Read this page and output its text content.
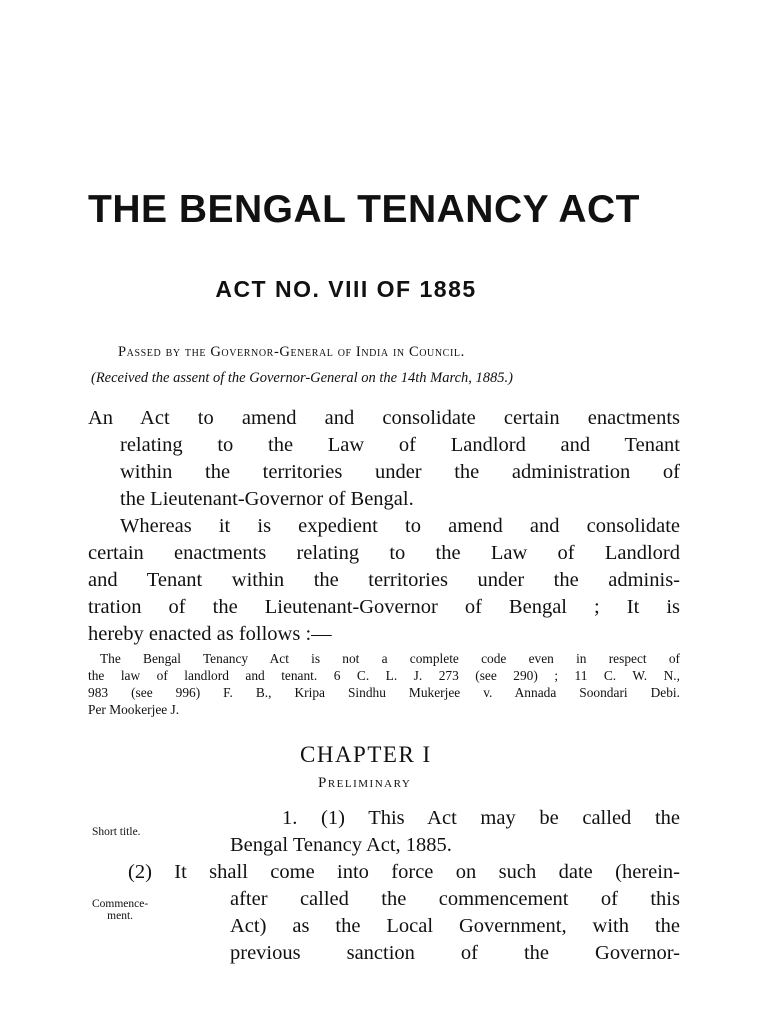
THE BENGAL TENANCY ACT
ACT NO. VIII OF 1885
Passed by the Governor-General of India in Council.
(Received the assent of the Governor-General on the 14th March, 1885.)
An Act to amend and consolidate certain enactments
relating to the Law of Landlord and Tenant
within the territories under the administration of
the Lieutenant-Governor of Bengal.
Whereas it is expedient to amend and consolidate
certain enactments relating to the Law of Landlord
and Tenant within the territories under the adminis-
tration of the Lieutenant-Governor of Bengal ; It is
hereby enacted as follows :—
The Bengal Tenancy Act is not a complete code even in respect of
the law of landlord and tenant. 6 C. L. J. 273 (see 290) ; 11 C. W. N.,
983 (see 996) F. B., Kripa Sindhu Mukerjee v. Annada Soondari Debi.
Per Mookerjee J.
CHAPTER I
Preliminary
Short title.
Commence-
ment.
1. (1) This Act may be called the
Bengal Tenancy Act, 1885.
(2) It shall come into force on such date (herein-
after called the commencement of this
Act) as the Local Government, with the
previous sanction of the Governor-
